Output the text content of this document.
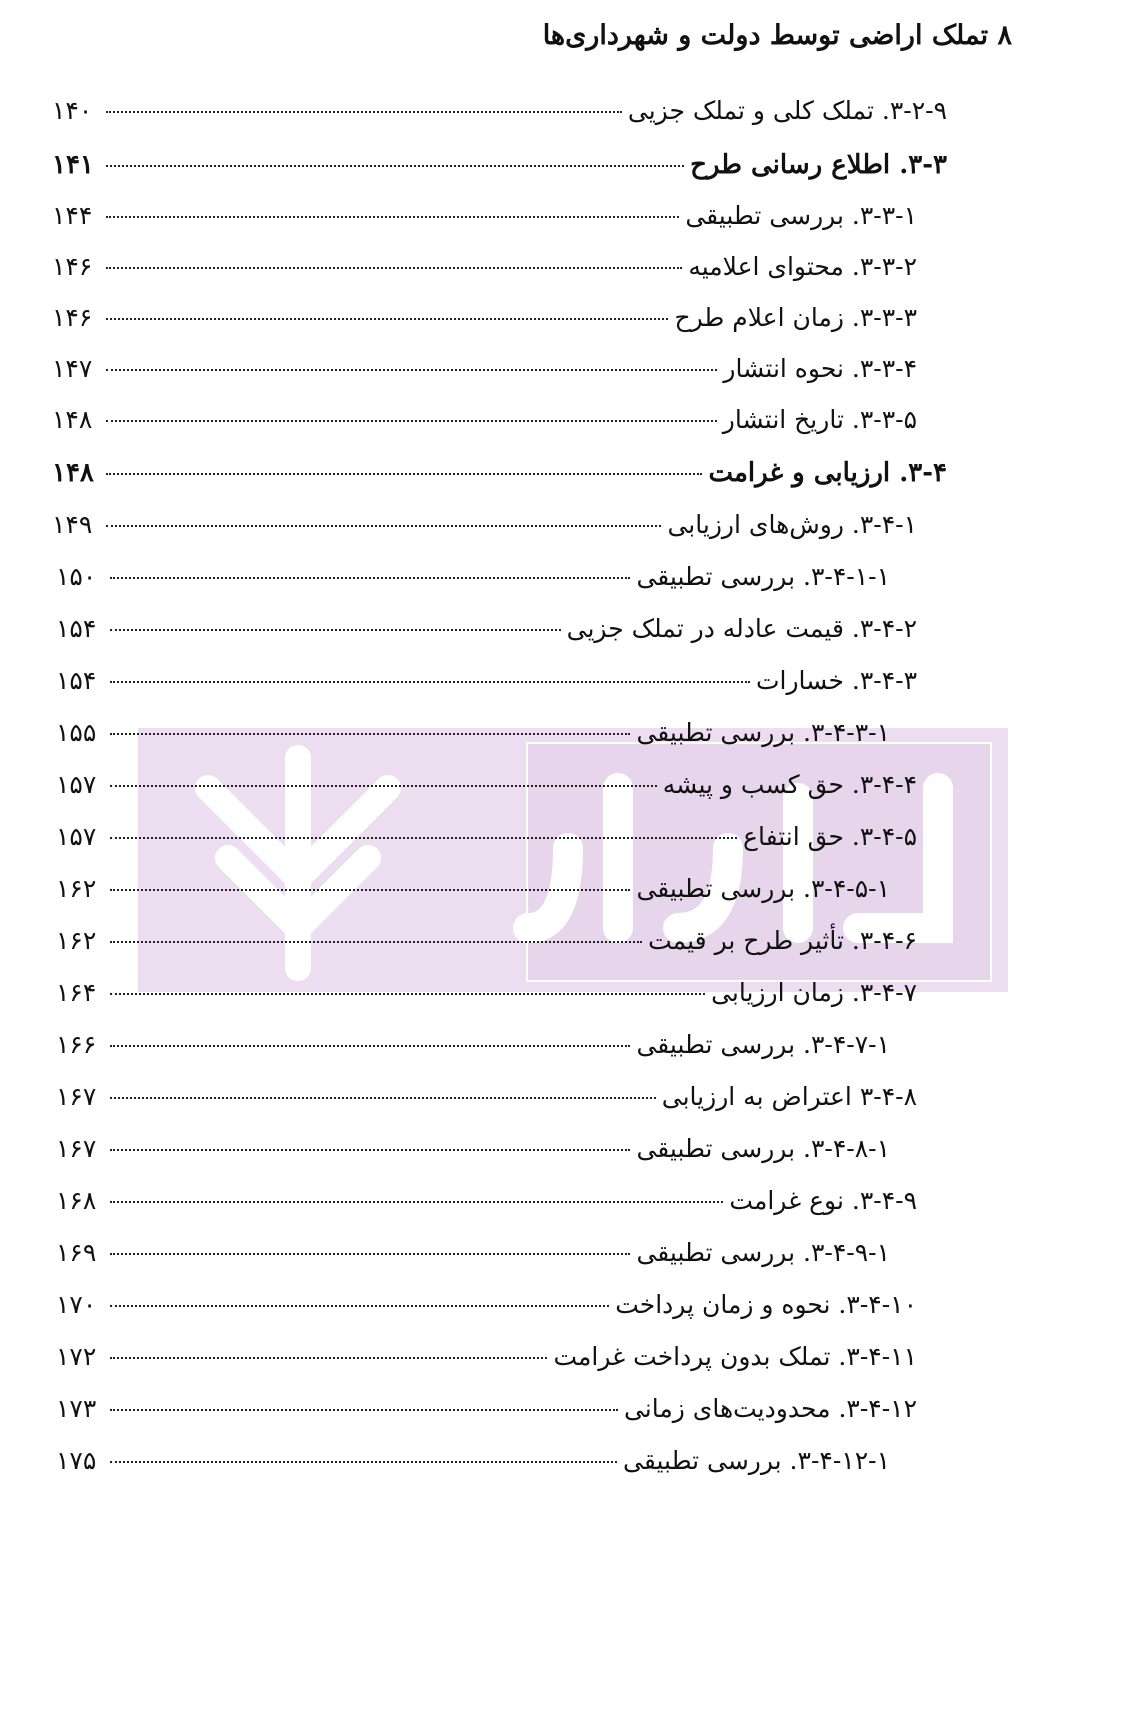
۸ تملک اراضی توسط دولت و شهرداری‌ها
۳-۲-۹. تملک کلی و تملک جزیی
۱۴۰
۳-۳. اطلاع رسانی طرح
۱۴۱
۳-۳-۱. بررسی تطبیقی
۱۴۴
۳-۳-۲. محتوای اعلامیه
۱۴۶
۳-۳-۳. زمان اعلام طرح
۱۴۶
۳-۳-۴. نحوه انتشار
۱۴۷
۳-۳-۵. تاریخ انتشار
۱۴۸
۳-۴. ارزیابی و غرامت
۱۴۸
۳-۴-۱. روش‌های ارزیابی
۱۴۹
۳-۴-۱-۱. بررسی تطبیقی
۱۵۰
۳-۴-۲. قیمت عادله در تملک جزیی
۱۵۴
۳-۴-۳. خسارات
۱۵۴
۳-۴-۳-۱. بررسی تطبیقی
۱۵۵
۳-۴-۴. حق کسب و پیشه
۱۵۷
۳-۴-۵. حق انتفاع
۱۵۷
۳-۴-۵-۱. بررسی تطبیقی
۱۶۲
۳-۴-۶. تأثیر طرح بر قیمت
۱۶۲
۳-۴-۷. زمان ارزیابی
۱۶۴
۳-۴-۷-۱. بررسی تطبیقی
۱۶۶
۳-۴-۸ اعتراض به ارزیابی
۱۶۷
۳-۴-۸-۱. بررسی تطبیقی
۱۶۷
۳-۴-۹. نوع غرامت
۱۶۸
۳-۴-۹-۱. بررسی تطبیقی
۱۶۹
۳-۴-۱۰. نحوه و زمان پرداخت
۱۷۰
۳-۴-۱۱. تملک بدون پرداخت غرامت
۱۷۲
۳-۴-۱۲. محدودیت‌های زمانی
۱۷۳
۳-۴-۱۲-۱. بررسی تطبیقی
۱۷۵
